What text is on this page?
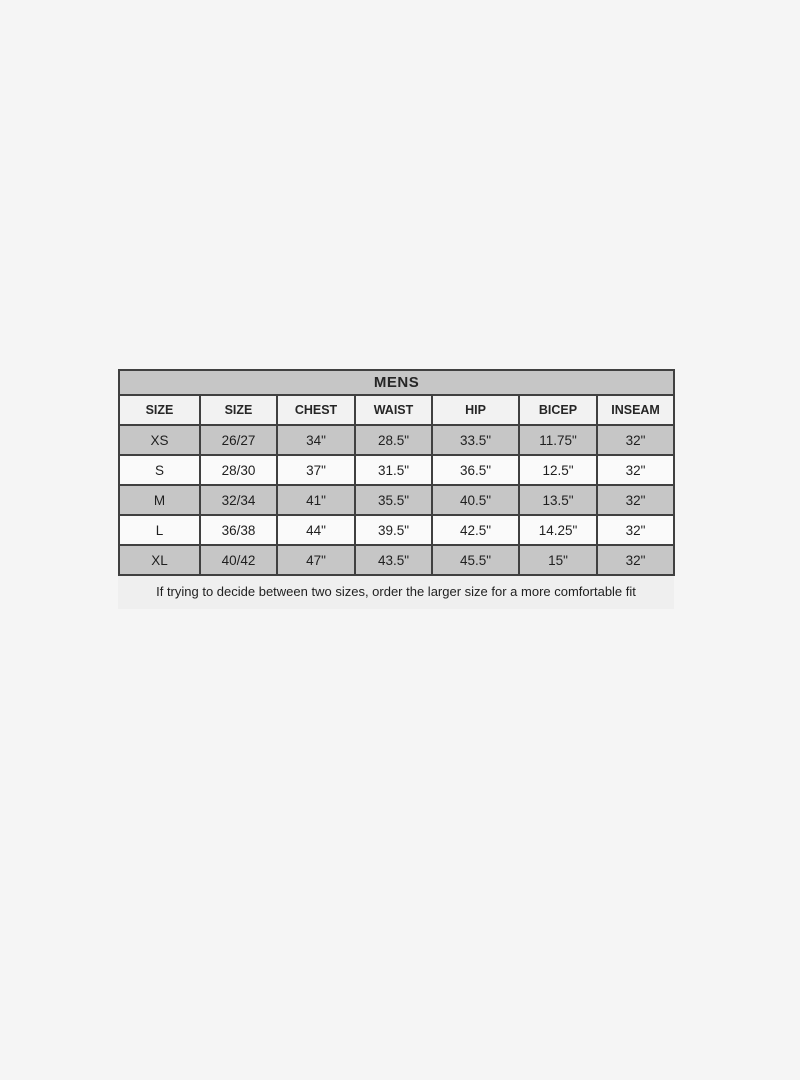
MENS						
SIZE	SIZE	CHEST	WAIST	HIP	BICEP	INSEAM
XS	26/27	34"	28.5"	33.5"	11.75"	32"
S	28/30	37"	31.5"	36.5"	12.5"	32"
M	32/34	41"	35.5"	40.5"	13.5"	32"
L	36/38	44"	39.5"	42.5"	14.25"	32"
XL	40/42	47"	43.5"	45.5"	15"	32"
If trying to decide between two sizes, order the larger size for a more comfortable fit
